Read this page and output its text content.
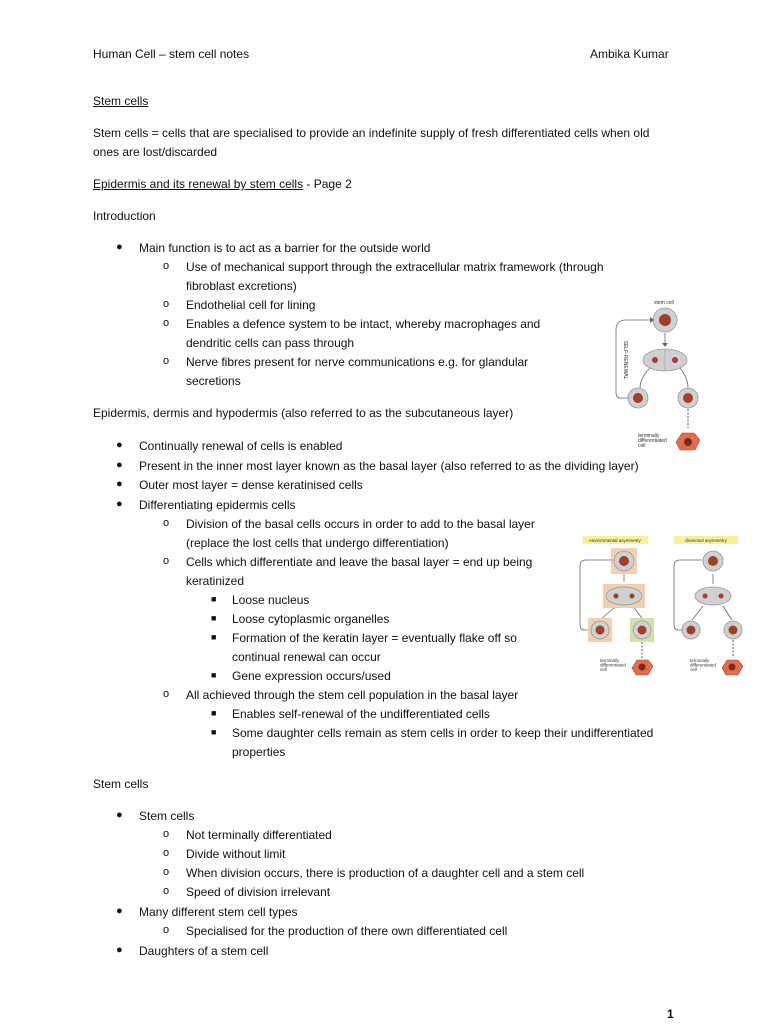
Human Cell – stem cell notes	Ambika Kumar
Stem cells
Stem cells = cells that are specialised to provide an indefinite supply of fresh differentiated cells when old
ones are lost/discarded
Epidermis and its renewal by stem cells - Page 2
Introduction
● Main function is to act as a barrier for the outside world
o Use of mechanical support through the extracellular matrix framework (through
fibroblast excretions)
o Endothelial cell for lining
o Enables a defence system to be intact, whereby macrophages and
dendritic cells can pass through
o Nerve fibres present for nerve communications e.g. for glandular
secretions
Epidermis, dermis and hypodermis (also referred to as the subcutaneous layer)
● Continually renewal of cells is enabled
● Present in the inner most layer known as the basal layer (also referred to as the dividing layer)
● Outer most layer = dense keratinised cells
● Differentiating epidermis cells
o Division of the basal cells occurs in order to add to the basal layer
(replace the lost cells that undergo differentiation)
o Cells which differentiate and leave the basal layer = end up being
keratinized
■ Loose nucleus
■ Loose cytoplasmic organelles
■ Formation of the keratin layer = eventually flake off so
continual renewal can occur
■ Gene expression occurs/used
o All achieved through the stem cell population in the basal layer
■ Enables self-renewal of the undifferentiated cells
■ Some daughter cells remain as stem cells in order to keep their undifferentiated
properties
Stem cells
● Stem cells
o Not terminally differentiated
o Divide without limit
o When division occurs, there is production of a daughter cell and a stem cell
o Speed of division irrelevant
● Many different stem cell types
o Specialised for the production of there own differentiated cell
● Daughters of a stem cell
1
stem cell
SELF-RENEWAL
terminally differentiated cell
environmental asymmetry	divisional asymmetry
terminally differentiated cell
terminally differentiated cell
